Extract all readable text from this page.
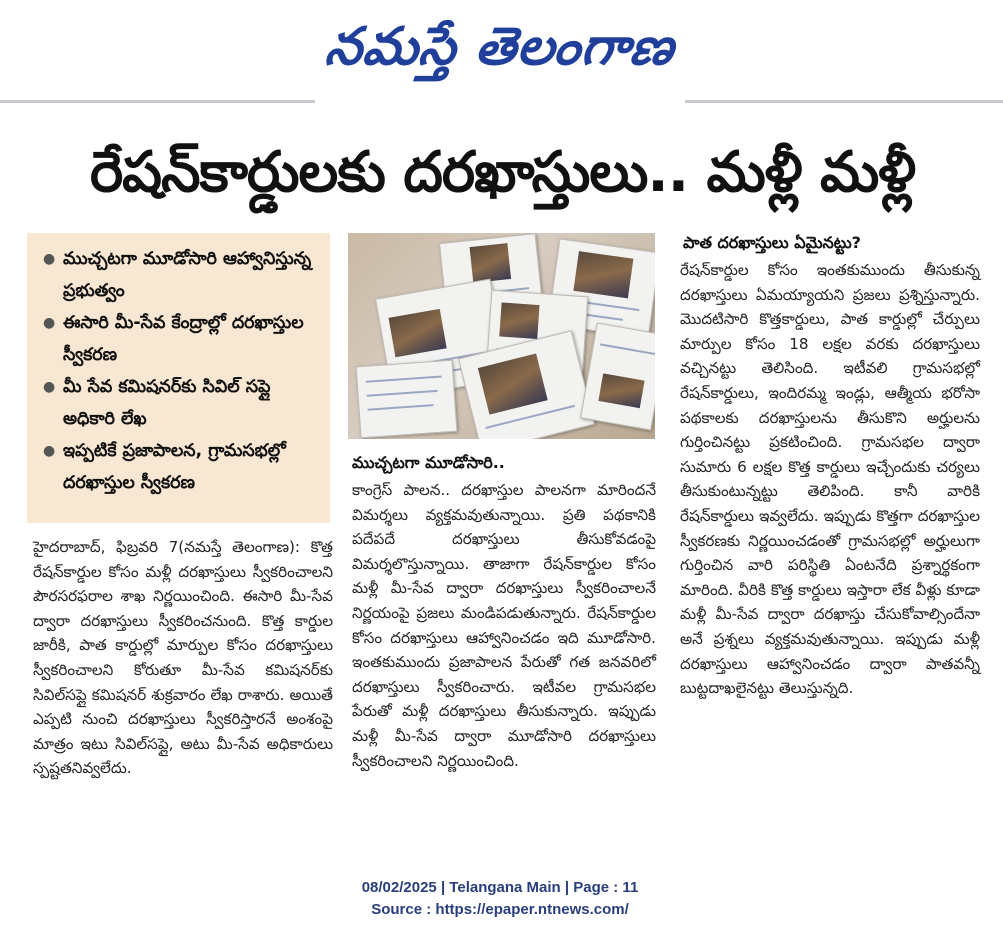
నమస్తే తెలంగాణ
రేషన్‌కార్డులకు దరఖాస్తులు.. మళ్లీ మళ్లీ
● ముచ్చటగా మూడోసారి ఆహ్వానిస్తున్న ప్రభుత్వం
● ఈసారి మీ-సేవ కేంద్రాల్లో దరఖాస్తుల స్వీకరణ
● మీ సేవ కమిషనర్‌కు సివిల్ సప్లై అధికారి లేఖ
● ఇప్పటికే ప్రజాపాలన, గ్రామసభల్లో దరఖాస్తుల స్వీకరణ
ముచ్చటగా మూడోసారి..
పాత దరఖాస్తులు ఏమైనట్టు?
హైదరాబాద్, ఫిబ్రవరి 7(నమస్తే తెలంగాణ): కొత్త రేషన్‌కార్డుల కోసం మళ్లీ దరఖాస్తులు స్వీకరించాలని పౌరసరఫరాల శాఖ నిర్ణయించింది. ఈసారి మీ-సేవ ద్వారా దరఖాస్తులు స్వీకరించనుంది. కొత్త కార్డుల జారీకి, పాత కార్డుల్లో మార్పుల కోసం దరఖాస్తులు స్వీకరించాలని కోరుతూ మీ-సేవ కమిషనర్‌కు సివిల్‌సప్లై కమిషనర్ శుక్రవారం లేఖ రాశారు. అయితే ఎప్పటి నుంచి దరఖాస్తులు స్వీకరిస్తారనే అంశంపై మాత్రం ఇటు సివిల్‌సప్లై, అటు మీ-సేవ అధికారులు స్పష్టతనివ్వలేదు.
కాంగ్రెస్ పాలన.. దరఖాస్తుల పాలనగా మారిందనే విమర్శలు వ్యక్తమవుతున్నాయి. ప్రతి పథకానికి పదేపదే దరఖాస్తులు తీసుకోవడంపై విమర్శలొస్తున్నాయి. తాజాగా రేషన్‌కార్డుల కోసం మళ్లీ మీ-సేవ ద్వారా దరఖాస్తులు స్వీకరించాలనే నిర్ణయంపై ప్రజలు మండిపడుతున్నారు. రేషన్‌కార్డుల కోసం దరఖాస్తులు ఆహ్వానించడం ఇది మూడోసారి. ఇంతకుముందు ప్రజాపాలన పేరుతో గత జనవరిలో దరఖాస్తులు స్వీకరించారు. ఇటీవల గ్రామసభల పేరుతో మళ్లీ దరఖాస్తులు తీసుకున్నారు. ఇప్పుడు మళ్లీ మీ-సేవ ద్వారా మూడోసారి దరఖాస్తులు స్వీకరించాలని నిర్ణయించింది.
రేషన్‌కార్డుల కోసం ఇంతకుముందు తీసుకున్న దరఖాస్తులు ఏమయ్యాయని ప్రజలు ప్రశ్నిస్తున్నారు. మొదటిసారి కొత్తకార్డులు, పాత కార్డుల్లో చేర్పులు మార్పుల కోసం 18 లక్షల వరకు దరఖాస్తులు వచ్చినట్టు తెలిసింది. ఇటీవలి గ్రామసభల్లో రేషన్‌కార్డులు, ఇందిరమ్మ ఇండ్లు, ఆత్మీయ భరోసా పథకాలకు దరఖాస్తులను తీసుకొని అర్హులను గుర్తించినట్టు ప్రకటించింది. గ్రామసభల ద్వారా సుమారు 6 లక్షల కొత్త కార్డులు ఇచ్చేందుకు చర్యలు తీసుకుంటున్నట్టు తెలిపింది. కానీ వారికి రేషన్‌కార్డులు ఇవ్వలేదు. ఇప్పుడు కొత్తగా దరఖాస్తుల స్వీకరణకు నిర్ణయించడంతో గ్రామసభల్లో అర్హులుగా గుర్తించిన వారి పరిస్థితి ఏంటనేది ప్రశ్నార్థకంగా మారింది. వీరికి కొత్త కార్డులు ఇస్తారా లేక వీళ్లు కూడా మళ్లీ మీ-సేవ ద్వారా దరఖాస్తు చేసుకోవాల్సిందేనా అనే ప్రశ్నలు వ్యక్తమవుతున్నాయి. ఇప్పుడు మళ్లీ దరఖాస్తులు ఆహ్వానించడం ద్వారా పాతవన్నీ బుట్టదాఖలైనట్టు తెలుస్తున్నది.
08/02/2025 | Telangana Main | Page : 11
Source : https://epaper.ntnews.com/
